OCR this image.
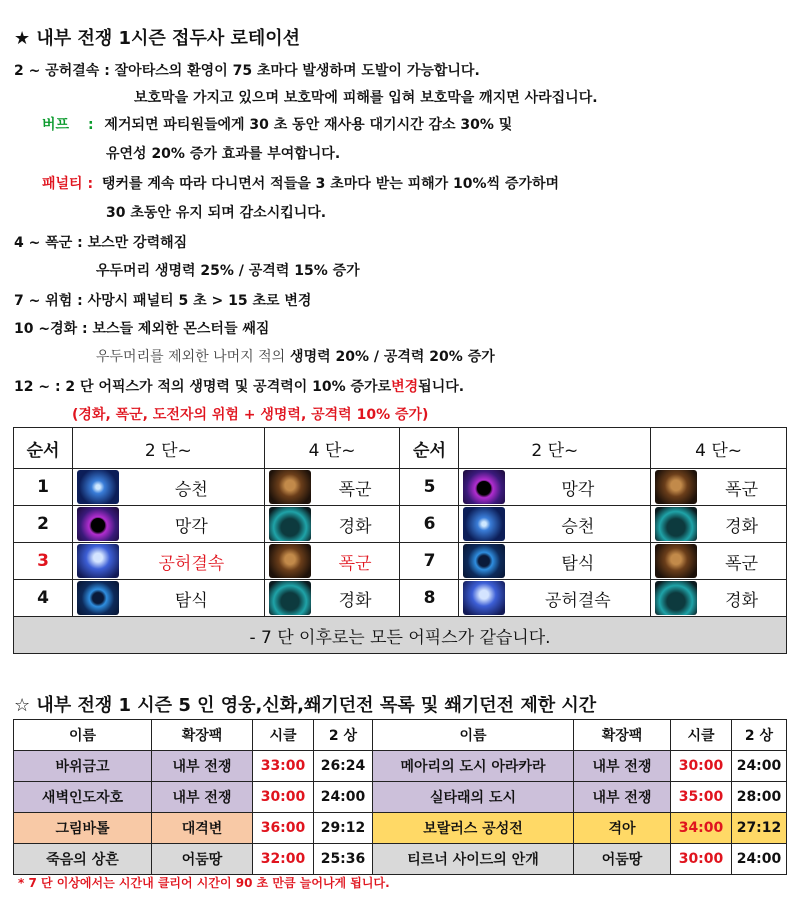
★ 내부 전쟁 1시즌 접두사 로테이션
2 ~ 공허결속 : 잘아타스의 환영이 75 초마다 발생하며 도발이 가능합니다.
보호막을 가지고 있으며 보호막에 피해를 입혀 보호막을 깨지면 사라집니다.
버프 : 제거되면 파티원들에게 30 초 동안 재사용 대기시간 감소 30% 및
유연성 20% 증가 효과를 부여합니다.
패널티 : 탱커를 계속 따라 다니면서 적들을 3 초마다 받는 피해가 10%씩 증가하며
30 초동안 유지 되며 감소시킵니다.
4 ~ 폭군 : 보스만 강력해짐
우두머리 생명력 25% / 공격력 15% 증가
7 ~ 위험 : 사망시 패널티 5 초 > 15 초로 변경
10 ~경화 : 보스들 제외한 몬스터들 쌔짐
우두머리를 제외한 나머지 적의 생명력 20% / 공격력 20% 증가
12 ~ : 2 단 어픽스가 적의 생명력 및 공격력이 10% 증가로변경됩니다.
(경화, 폭군, 도전자의 위험 + 생명력, 공격력 10% 증가)
순서	2 단~	4 단~	순서	2 단~	4 단~
1	승천	폭군	5	망각	폭군

2	망각	경화	6	승천	경화

3	공허결속	폭군	7	탐식	폭군

4	탐식	경화	8	공허결속	경화

- 7 단 이후로는 모든 어픽스가 같습니다.					
☆ 내부 전쟁 1 시즌 5 인 영웅,신화,쐐기던전 목록 및 쐐기던전 제한 시간
이름	확장팩	시클	2 상	이름	확장팩	시클	2 상
바위금고	내부 전쟁	33:00	26:24	메아리의 도시 아라카라	내부 전쟁	30:00	24:00
새벽인도자호	내부 전쟁	30:00	24:00	실타래의 도시	내부 전쟁	35:00	28:00
그림바톨	대격변	36:00	29:12	보랄러스 공성전	격아	34:00	27:12
죽음의 상흔	어둠땅	32:00	25:36	티르너 사이드의 안개	어둠땅	30:00	24:00
* 7 단 이상에서는 시간내 클리어 시간이 90 초 만큼 늘어나게 됩니다.
